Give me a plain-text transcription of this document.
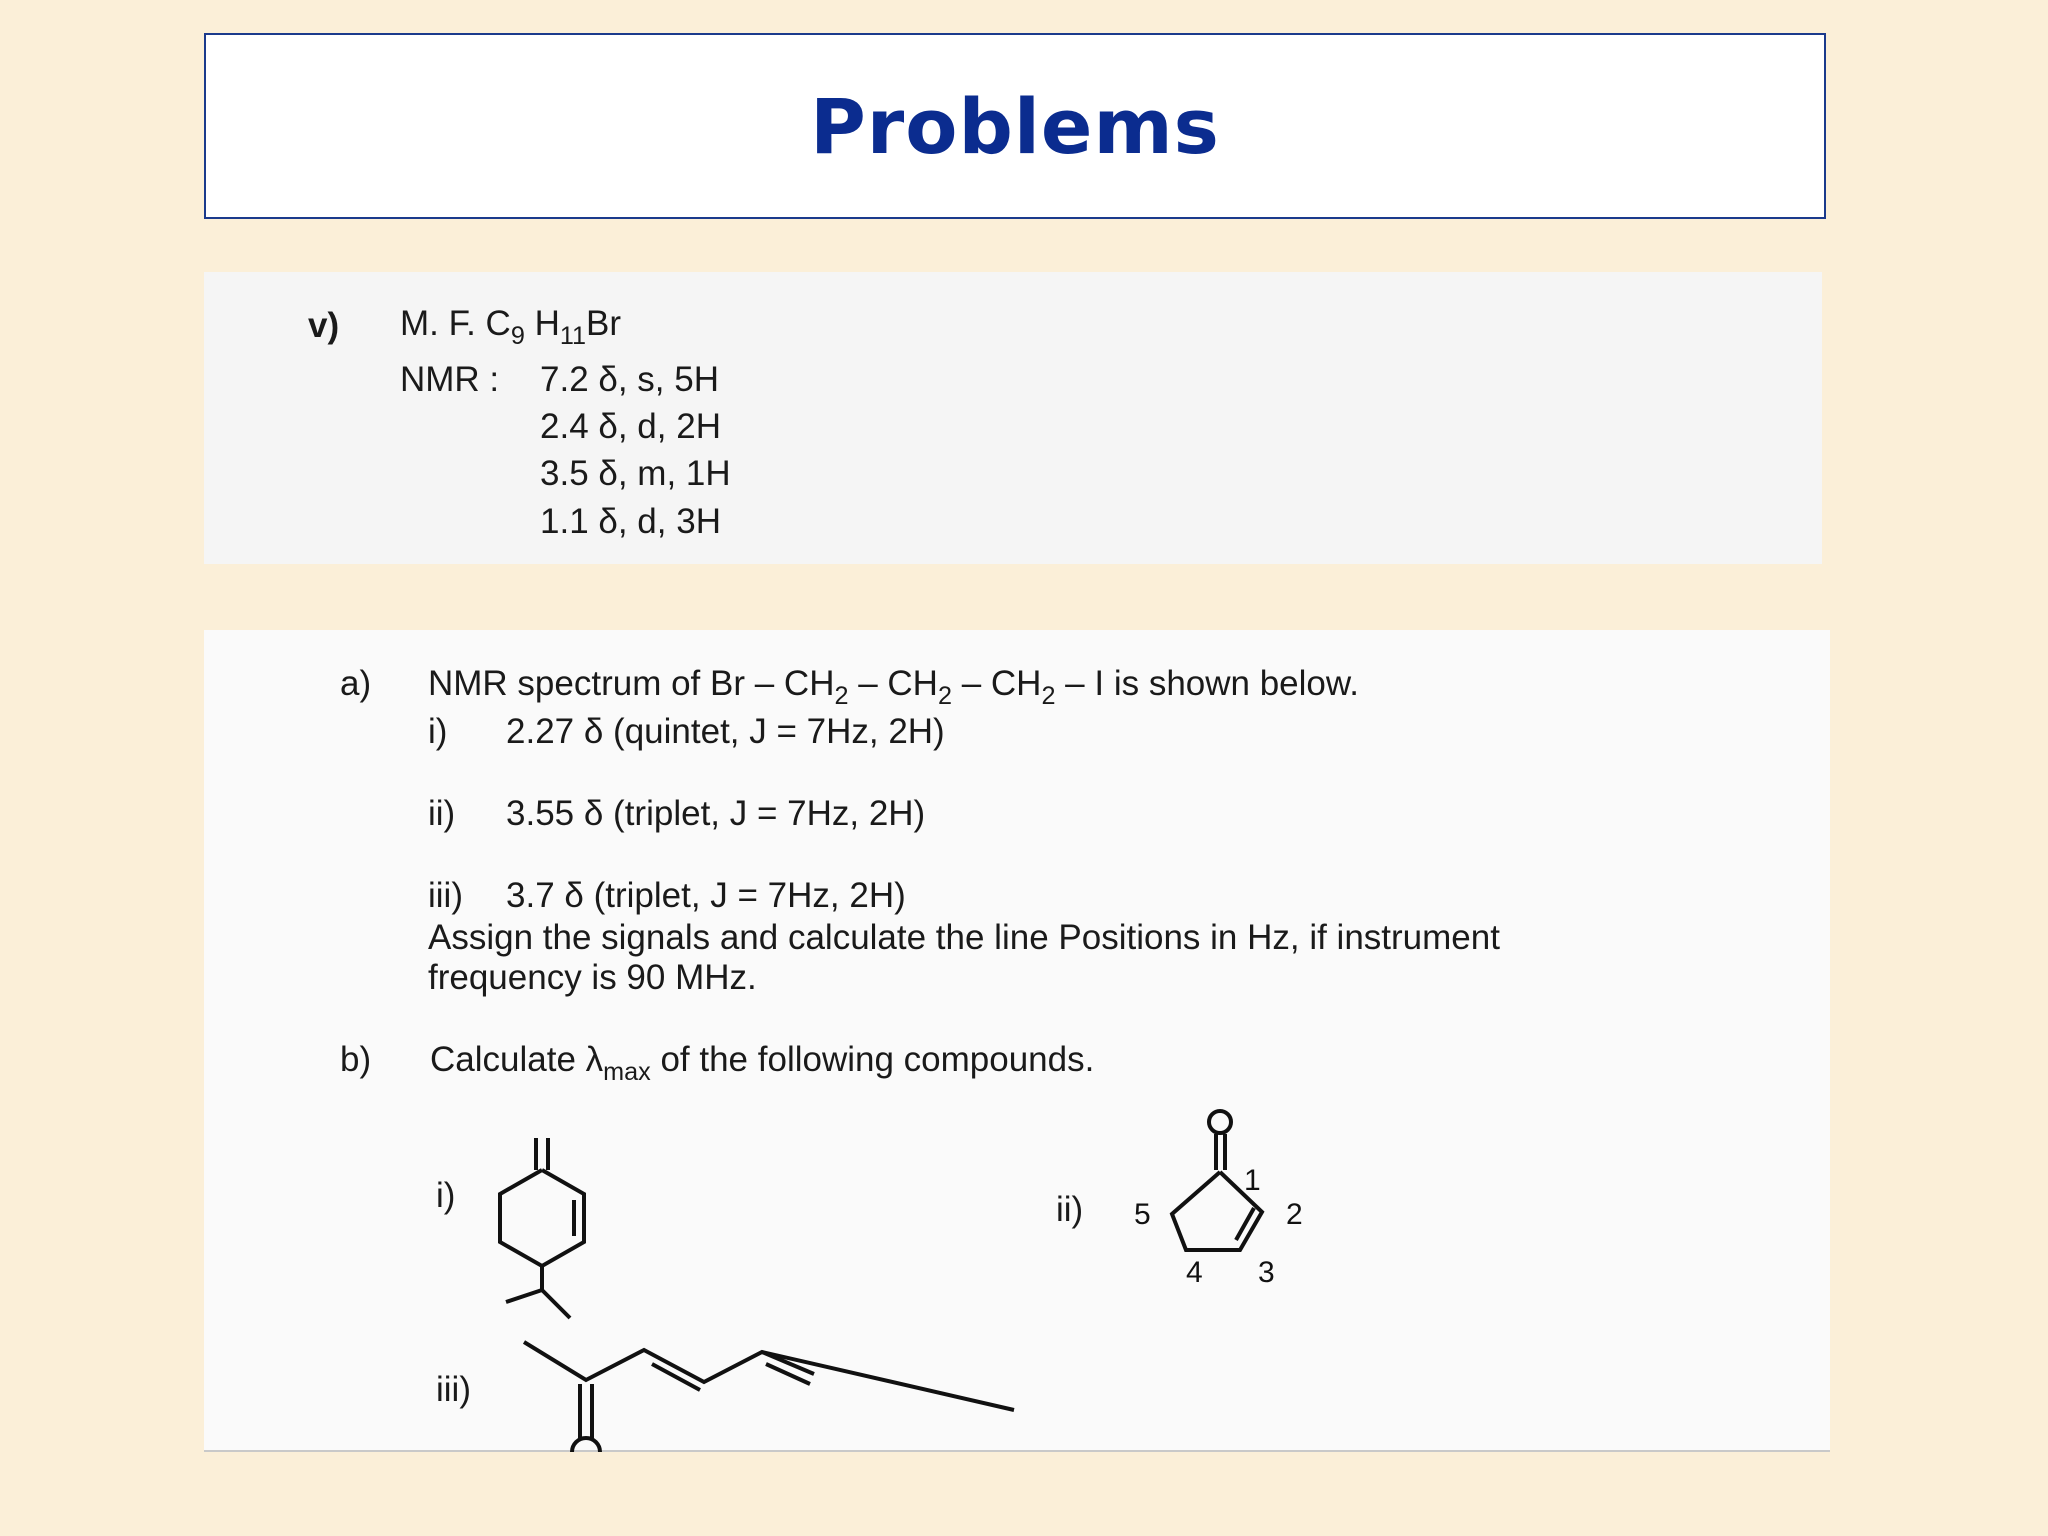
Problems
v) M. F. $C_9$ $H_{11}Br$
NMR : 7.2 δ, s, 5H
2.4 δ, d, 2H
3.5 δ, m, 1H
1.1 δ, d, 3H
a) NMR spectrum of Br – $CH_2 - CH_2 - CH_2$ – I is shown below.
i) 2.27 δ (quintet, J = 7Hz, 2H)
ii) 3.55 δ (triplet, J = 7Hz, 2H)
iii) 3.7 δ (triplet, J = 7Hz, 2H)
Assign the signals and calculate the line Positions in Hz, if instrument
frequency is 90 MHz.
b) Calculate $\lambda_{max}$ of the following compounds.
i)	ii)
1
2
3
4
5
iii)
